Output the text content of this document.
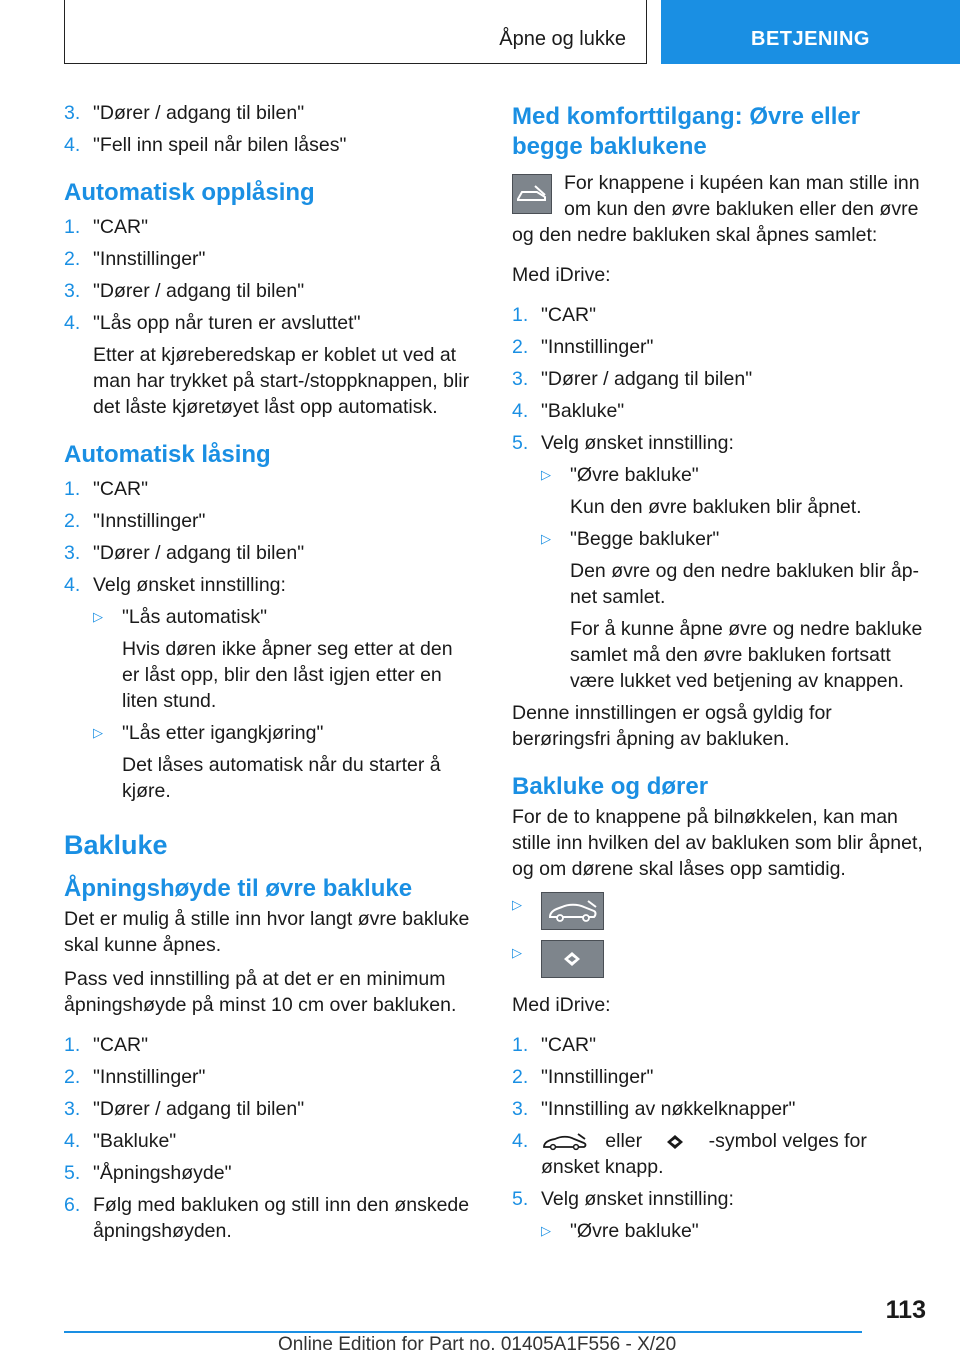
Åpne og lukke	BETJENING
3. "Dører / adgang til bilen"
4. "Fell inn speil når bilen låses"
Automatisk opplåsing
1. "CAR"
2. "Innstillinger"
3. "Dører / adgang til bilen"
4. "Lås opp når turen er avsluttet"
Etter at kjøreberedskap er koblet ut ved at man har trykket på start-/stoppknappen, blir det låste kjøretøyet låst opp automatisk.
Automatisk låsing
1. "CAR"
2. "Innstillinger"
3. "Dører / adgang til bilen"
4. Velg ønsket innstilling:
▷ "Lås automatisk"
Hvis døren ikke åpner seg etter at den er låst opp, blir den låst igjen etter en liten stund.
▷ "Lås etter igangkjøring"
Det låses automatisk når du starter å kjøre.
Bakluke
Åpningshøyde til øvre bakluke
Det er mulig å stille inn hvor langt øvre bakluke skal kunne åpnes.
Pass ved innstilling på at det er en minimum åpningshøyde på minst 10 cm over bakluken.
1. "CAR"
2. "Innstillinger"
3. "Dører / adgang til bilen"
4. "Bakluke"
5. "Åpningshøyde"
6. Følg med bakluken og still inn den ønskede åpningshøyden.
Med komforttilgang: Øvre eller begge baklukene
For knappene i kupéen kan man stille inn om kun den øvre bakluken eller den øvre og den nedre bakluken skal åpnes samlet:
Med iDrive:
1. "CAR"
2. "Innstillinger"
3. "Dører / adgang til bilen"
4. "Bakluke"
5. Velg ønsket innstilling:
▷ "Øvre bakluke"
Kun den øvre bakluken blir åpnet.
▷ "Begge bakluker"
Den øvre og den nedre bakluken blir åpnet samlet.
For å kunne åpne øvre og nedre bakluke samlet må den øvre bakluken fortsatt være lukket ved betjening av knappen.
Denne innstillingen er også gyldig for berøringsfri åpning av bakluken.
Bakluke og dører
For de to knappene på bilnøkkelen, kan man stille inn hvilken del av bakluken som blir åpnet, og om dørene skal låses opp samtidig.
▷
▷
Med iDrive:
1. "CAR"
2. "Innstillinger"
3. "Innstilling av nøkkelknapper"
4.	eller	-symbol velges for ønsket knapp.
5. Velg ønsket innstilling:
▷ "Øvre bakluke"
113
Online Edition for Part no. 01405A1F556 - X/20
